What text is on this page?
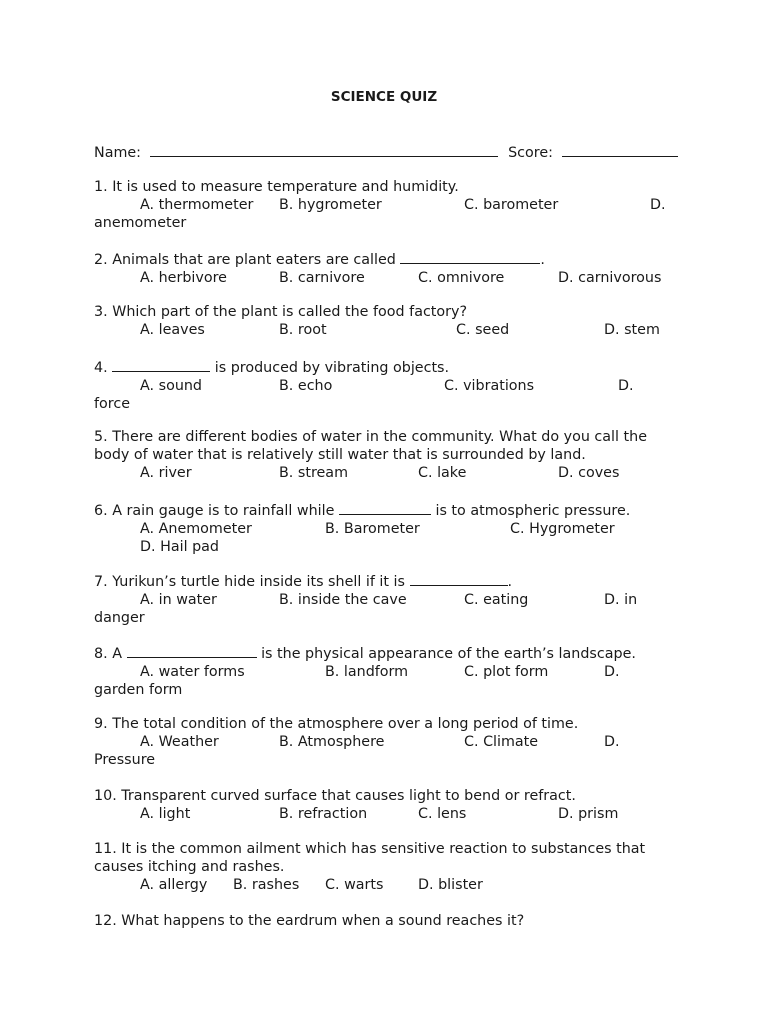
SCIENCE QUIZ
Name:	Score:
1. It is used to measure temperature and humidity.
A. thermometer B. hygrometer	C. barometer	D.
anemometer
2. Animals that are plant eaters are called	.
A. herbivore	B. carnivore	C. omnivore	D. carnivorous
3. Which part of the plant is called the food factory?
A. leaves	B. root	C. seed	D. stem
4.	is produced by vibrating objects.
A. sound	B. echo	C. vibrations	D.
force
5. There are different bodies of water in the community. What do you call the body of water that is relatively still water that is surrounded by land.
A. river	B. stream	C. lake	D. coves
6. A rain gauge is to rainfall while	is to atmospheric pressure.
A. Anemometer	B. Barometer	C. Hygrometer
D. Hail pad
7. Yurikun’s turtle hide inside its shell if it is	.
A. in water	B. inside the cave	C. eating	D. in
danger
8. A	is the physical appearance of the earth’s landscape.
A. water forms	B. landform	C. plot form	D.
garden form
9. The total condition of the atmosphere over a long period of time.
A. Weather	B. Atmosphere	C. Climate	D.
Pressure
10. Transparent curved surface that causes light to bend or refract.
A. light	B. refraction	C. lens	D. prism
11. It is the common ailment which has sensitive reaction to substances that causes itching and rashes.
A. allergy B. rashes C. warts D. blister
12. What happens to the eardrum when a sound reaches it?
